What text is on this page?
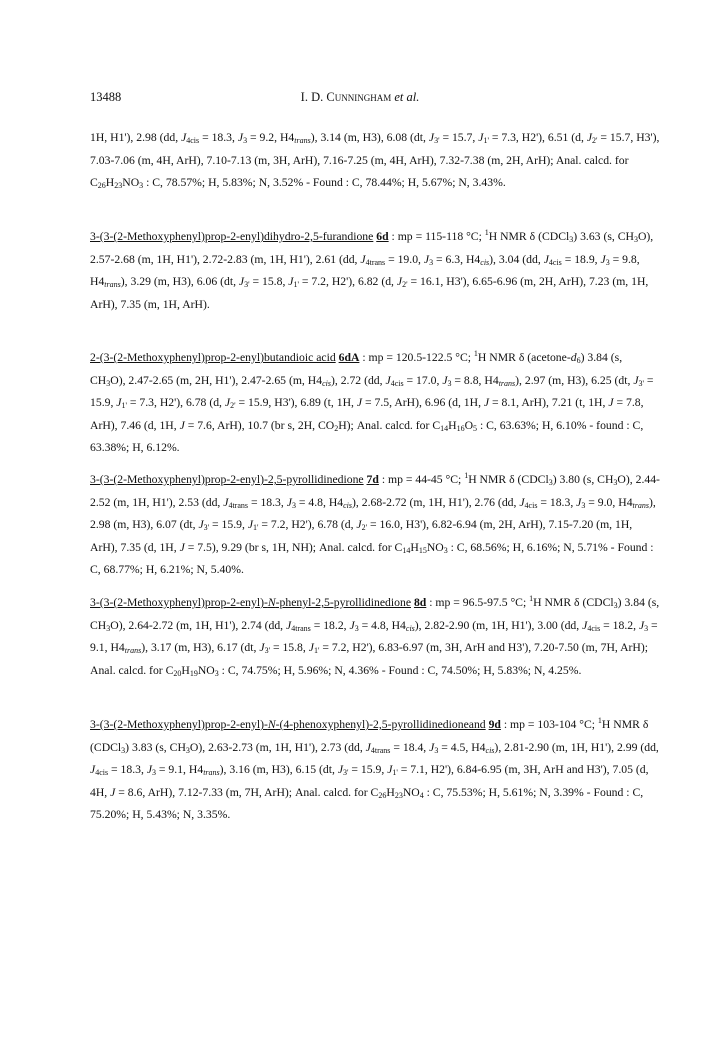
13488	I. D. Cunningham et al.

1H, H1'), 2.98 (dd, $J_{4cis} = 18.3$, $J_3 = 9.2$, $H4_{trans}$), 3.14 (m, H3), 6.08 (dt, $J_{3'} = 15.7$, $J_{1'} = 7.3$, H2'), 6.51 (d, $J_{2'} = 15.7$, H3'), 7.03-7.06 (m, 4H, ArH), 7.10-7.13 (m, 3H, ArH), 7.16-7.25 (m, 4H, ArH), 7.32-7.38 (m, 2H, ArH); Anal. calcd. for $C_{26}H_{23}NO_3$ : C, 78.57%; H, 5.83%; N, 3.52% - Found : C, 78.44%; H, 5.67%; N, 3.43%.

3-(3-(2-Methoxyphenyl)prop-2-enyl)dihydro-2,5-furandione 6d : mp = 115-118 °C; $^1$H NMR δ (CDCl$_3$) 3.63 (s, $CH_3O$), 2.57-2.68 (m, 1H, H1'), 2.72-2.83 (m, 1H, H1'), 2.61 (dd, $J_{4trans} = 19.0$, $J_3 = 6.3$, $H4_{cis}$), 3.04 (dd, $J_{4cis} = 18.9$, $J_3 = 9.8$, $H4_{trans}$), 3.29 (m, H3), 6.06 (dt, $J_{3'} = 15.8$, $J_{1'} = 7.2$, H2'), 6.82 (d, $J_{2'} = 16.1$, H3'), 6.65-6.96 (m, 2H, ArH), 7.23 (m, 1H, ArH), 7.35 (m, 1H, ArH).

2-(3-(2-Methoxyphenyl)prop-2-enyl)butandioic acid 6dA : mp = 120.5-122.5 °C; $^1$H NMR δ $(acetone-d_6)$ 3.84 (s, $CH_3O$), 2.47-2.65 (m, 2H, H1'), 2.47-2.65 (m, $H4_{cis}$), 2.72 (dd, $J_{4cis} = 17.0$, $J_3 = 8.8$, $H4_{trans}$), 2.97 (m, H3), 6.25 (dt, $J_{3'} = 15.9$, $J_{1'} = 7.3$, H2'), 6.78 (d, $J_{2'} = 15.9$, H3'), 6.89 (t, 1H, J = 7.5, ArH), 6.96 (d, 1H, J = 8.1, ArH), 7.21 (t, 1H, J = 7.8, ArH), 7.46 (d, 1H, J = 7.6, ArH), 10.7 (br s, 2H, $CO_2H$); Anal. calcd. for $C_{14}H_{16}O_5$ : C, 63.63%; H, 6.10% - found : C, 63.38%; H, 6.12%.

3-(3-(2-Methoxyphenyl)prop-2-enyl)-2,5-pyrollidinedione 7d : mp = 44-45 °C; $^1$H NMR δ (CDCl$_3$) 3.80 (s, $CH_3O$), 2.44-2.52 (m, 1H, H1'), 2.53 (dd, $J_{4trans} = 18.3$, $J_3 = 4.8$, $H4_{cis}$), 2.68-2.72 (m, 1H, H1'), 2.76 (dd, $J_{4cis} = 18.3$, $J_3 = 9.0$, $H4_{trans}$), 2.98 (m, H3), 6.07 (dt, $J_{3'} = 15.9$, $J_{1'} = 7.2$, H2'), 6.78 (d, $J_{2'} = 16.0$, H3'), 6.82-6.94 (m, 2H, ArH), 7.15-7.20 (m, 1H, ArH), 7.35 (d, 1H, J = 7.5), 9.29 (br s, 1H, NH); Anal. calcd. for $C_{14}H_{15}NO_3$ : C, 68.56%; H, 6.16%; N, 5.71% - Found : C, 68.77%; H, 6.21%; N, 5.40%.

3-(3-(2-Methoxyphenyl)prop-2-enyl)-N-phenyl-2,5-pyrollidinedione 8d : mp = 96.5-97.5 °C; $^1$H NMR δ (CDCl$_3$) 3.84 (s, $CH_3O$), 2.64-2.72 (m, 1H, H1'), 2.74 (dd, $J_{4trans} = 18.2$, $J_3 = 4.8$, $H4_{cis}$), 2.82-2.90 (m, 1H, H1'), 3.00 (dd, $J_{4cis} = 18.2$, $J_3 = 9.1$, $H4_{trans}$), 3.17 (m, H3), 6.17 (dt, $J_{3'} = 15.8$, $J_{1'} = 7.2$, H2'), 6.83-6.97 (m, 3H, ArH and H3'), 7.20-7.50 (m, 7H, ArH); Anal. calcd. for $C_{20}H_{19}NO_3$ : C, 74.75%; H, 5.96%; N, 4.36% - Found : C, 74.50%; H, 5.83%; N, 4.25%.

3-(3-(2-Methoxyphenyl)prop-2-enyl)-N-(4-phenoxyphenyl)-2,5-pyrollidinedioneand 9d : mp = 103-104 °C; $^1$H NMR δ (CDCl$_3$) 3.83 (s, $CH_3O$), 2.63-2.73 (m, 1H, H1'), 2.73 (dd, $J_{4trans} = 18.4$, $J_3 = 4.5$, $H4_{cis}$), 2.81-2.90 (m, 1H, H1'), 2.99 (dd, $J_{4cis} = 18.3$, $J_3 = 9.1$, $H4_{trans}$), 3.16 (m, H3), 6.15 (dt, $J_{3'} = 15.9$, $J_{1'} = 7.1$, H2'), 6.84-6.95 (m, 3H, ArH and H3'), 7.05 (d, 4H, J = 8.6, ArH), 7.12-7.33 (m, 7H, ArH); Anal. calcd. for $C_{26}H_{23}NO_4$ : C, 75.53%; H, 5.61%; N, 3.39% - Found : C, 75.20%; H, 5.43%; N, 3.35%.
